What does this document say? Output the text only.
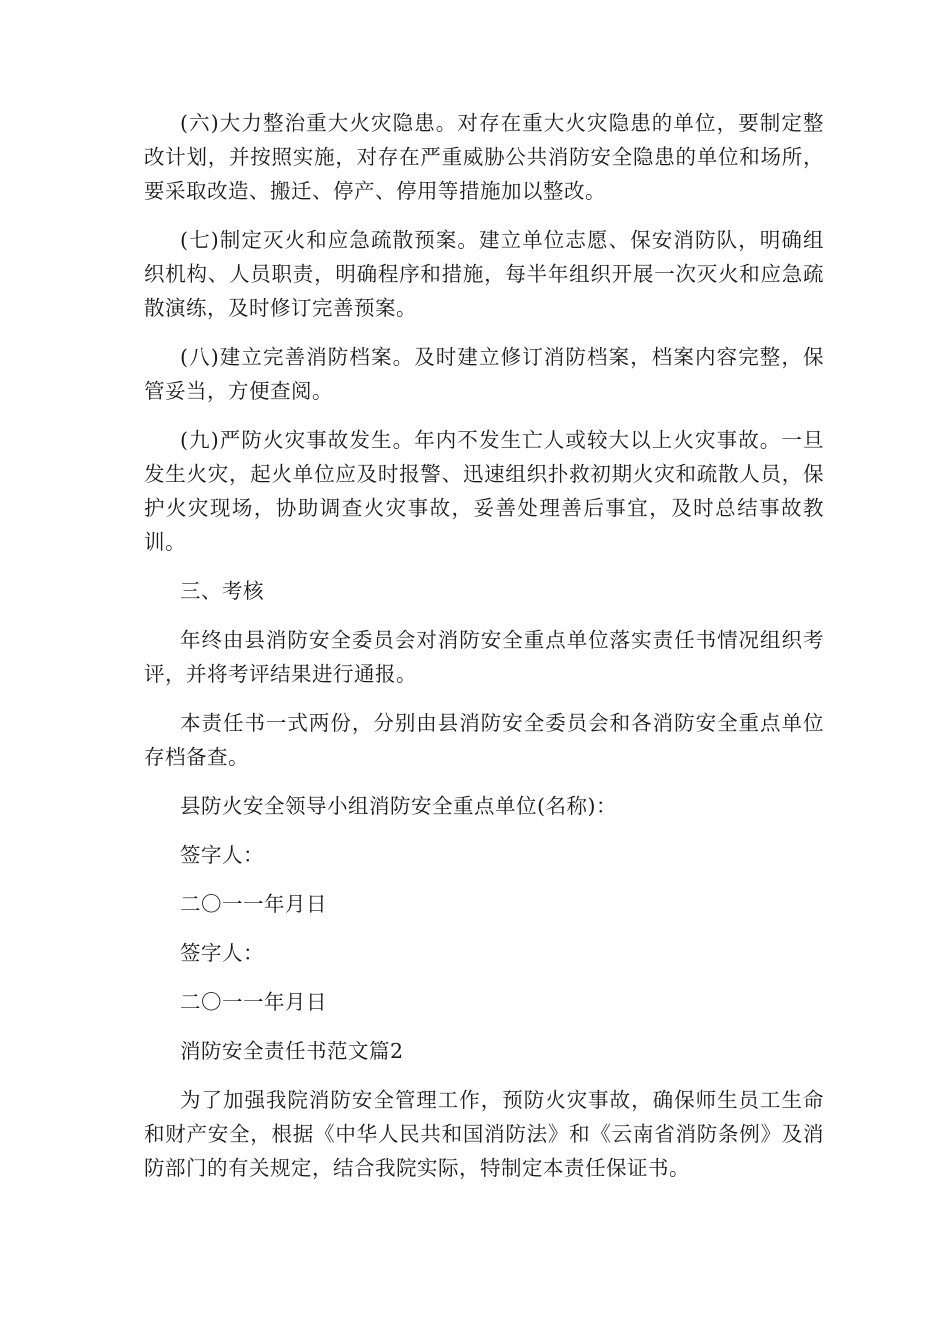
(六)大力整治重大火灾隐患。对存在重大火灾隐患的单位，要制定整改计划，并按照实施，对存在严重威胁公共消防安全隐患的单位和场所，要采取改造、搬迁、停产、停用等措施加以整改。

(七)制定灭火和应急疏散预案。建立单位志愿、保安消防队，明确组织机构、人员职责，明确程序和措施，每半年组织开展一次灭火和应急疏散演练，及时修订完善预案。

(八)建立完善消防档案。及时建立修订消防档案，档案内容完整，保管妥当，方便查阅。

(九)严防火灾事故发生。年内不发生亡人或较大以上火灾事故。一旦发生火灾，起火单位应及时报警、迅速组织扑救初期火灾和疏散人员，保护火灾现场，协助调查火灾事故，妥善处理善后事宜，及时总结事故教训。

三、考核

年终由县消防安全委员会对消防安全重点单位落实责任书情况组织考评，并将考评结果进行通报。

本责任书一式两份，分别由县消防安全委员会和各消防安全重点单位存档备查。

县防火安全领导小组消防安全重点单位(名称)：

签字人：

二〇一一年月日

签字人：

二〇一一年月日

消防安全责任书范文篇2

为了加强我院消防安全管理工作，预防火灾事故，确保师生员工生命和财产安全，根据《中华人民共和国消防法》和《云南省消防条例》及消防部门的有关规定，结合我院实际，特制定本责任保证书。
